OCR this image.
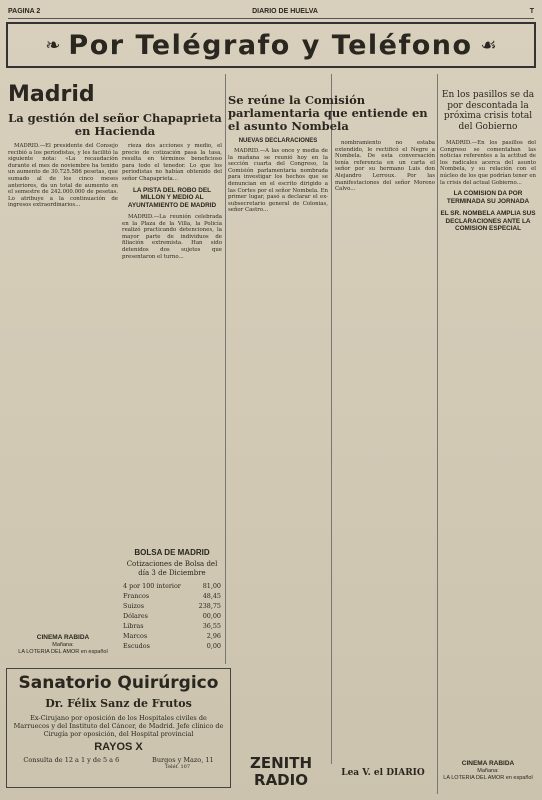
PAGINA 2	DIARIO DE HUELVA	T
❧ Por Telégrafo y Teléfono ☙
Madrid
La gestión del señor Chapaprieta en Hacienda

MADRID.—El presidente del Consejo recibió a los periodistas, y les facilitó la siguiente nota: «La recaudación durante el mes de noviembre ha tenido un aumento de 30.725.586 pesetas, que sumado al de los cinco meses anteriores, da un total de aumento en el semestre de 242.000.000 de pesetas. Lo atribuye a la continuación de ingresos extraordinarios...

rieza dos acciones y medio, el precio de cotización pasa la tasa, resulta en términos beneficioso para todo el tenedor. Lo que los periodistas no habían obtenido del señor Chapaprieta...

LA PISTA DEL ROBO DEL MILLON Y MEDIO AL AYUNTAMIENTO DE MADRID

MADRID.—La reunión celebrada en la Plaza de la Villa, la Policía realizó practicando detenciones, la mayor parte de individuos de filiación extremista. Han sido detenidos dos sujetos que presentaron el turno...

BOLSA DE MADRID
Cotizaciones de Bolsa del día 3 de Diciembre
4 por 100 interior	81,00
Francos	48,45
Suizos	238,75
Dólares	00,00
Libras	36,55
Marcos	2,96
Escudos	0,00
CINEMA RABIDA
Mañana:
LA LOTERIA DEL AMOR en español
Sanatorio Quirúrgico
Dr. Félix Sanz de Frutos
Ex-Cirujano por oposición de los Hospitales civiles de Marruecos y del Instituto del Cáncer, de Madrid. Jefe clínico de Cirugía por oposición, del Hospital provincial
RAYOS X
Consulta de 12 a 1 y de 5 a 6	Burgos y Mazo, 11
Teléf. 107
Se reúne la Comisión parlamentaria que entiende en el asunto Nombela
NUEVAS DECLARACIONES

MADRID.—A las once y media de la mañana se reunió hoy en la sección cuarta del Congreso, la Comisión parlamentaria nombrada para investigar los hechos que se denuncian en el escrito dirigido a las Cortes por el señor Nombela. En primer lugar, pasó a declarar el ex-subsecretario general de Colonias, señor Castro...

nombramiento no estaba extendido, le rectificó el Negre a Nombela. De esta conversación tenía referencia en un carta el señor por su hermano Luis don Alejandro Lerroux. Por las manifestaciones del señor Moreno Calvo...

ZENITH
RADIO	Lea V. el DIARIO
En los pasillos se da por descontada la próxima crisis total del Gobierno

MADRID.—En los pasillos del Congreso se comentaban las noticias referentes a la actitud de los radicales acerca del asunto Nombela, y su relación con el núcleo de los que podrían tener en la crisis del actual Gobierno...

LA COMISION DA POR TERMINADA SU JORNADA
EL SR. NOMBELA AMPLIA SUS DECLARACIONES ANTE LA COMISION ESPECIAL
CINEMA RABIDA
Mañana:
LA LOTERIA DEL AMOR en español
